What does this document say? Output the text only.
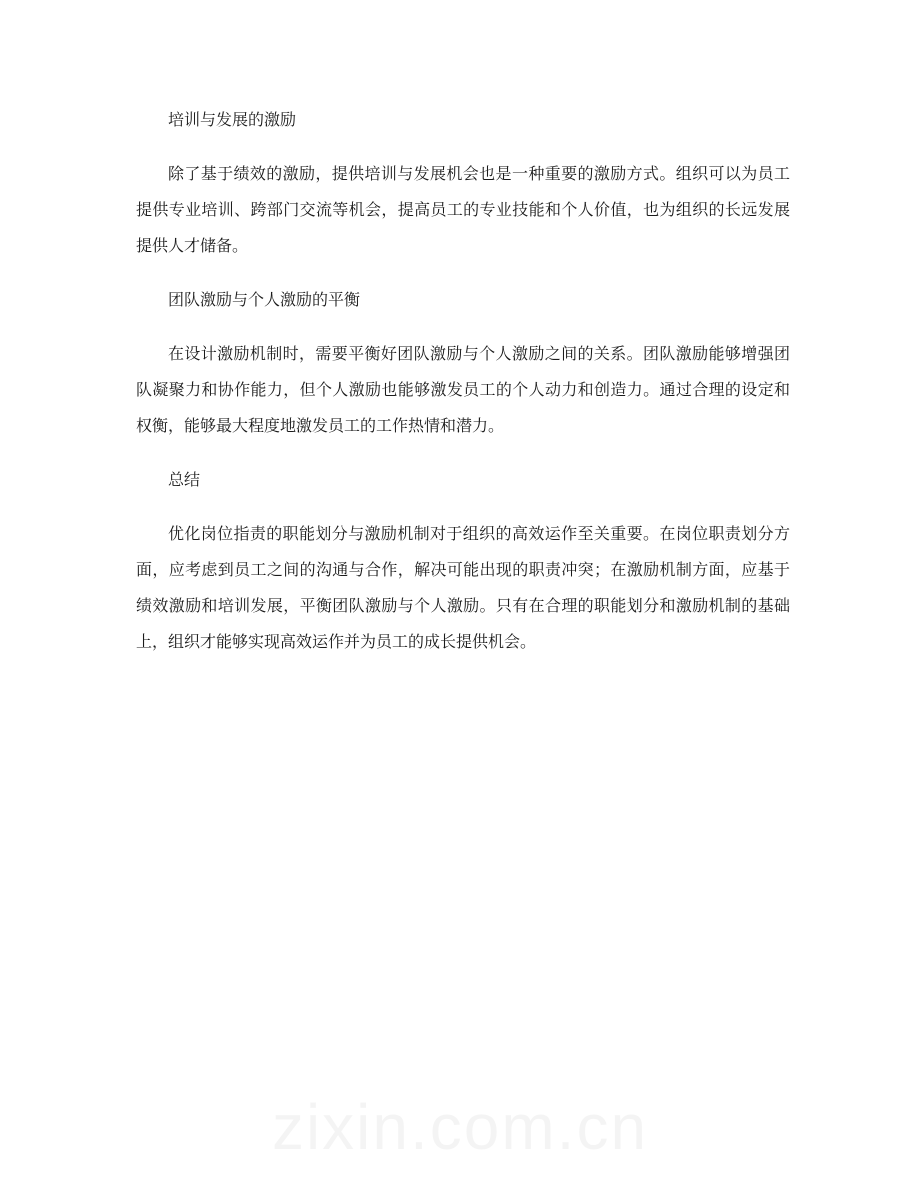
培训与发展的激励

除了基于绩效的激励，提供培训与发展机会也是一种重要的激励方式。组织可以为员工提供专业培训、跨部门交流等机会，提高员工的专业技能和个人价值，也为组织的长远发展提供人才储备。

团队激励与个人激励的平衡

在设计激励机制时，需要平衡好团队激励与个人激励之间的关系。团队激励能够增强团队凝聚力和协作能力，但个人激励也能够激发员工的个人动力和创造力。通过合理的设定和权衡，能够最大程度地激发员工的工作热情和潜力。

总结

优化岗位指责的职能划分与激励机制对于组织的高效运作至关重要。在岗位职责划分方面，应考虑到员工之间的沟通与合作，解决可能出现的职责冲突；在激励机制方面，应基于绩效激励和培训发展，平衡团队激励与个人激励。只有在合理的职能划分和激励机制的基础上，组织才能够实现高效运作并为员工的成长提供机会。
